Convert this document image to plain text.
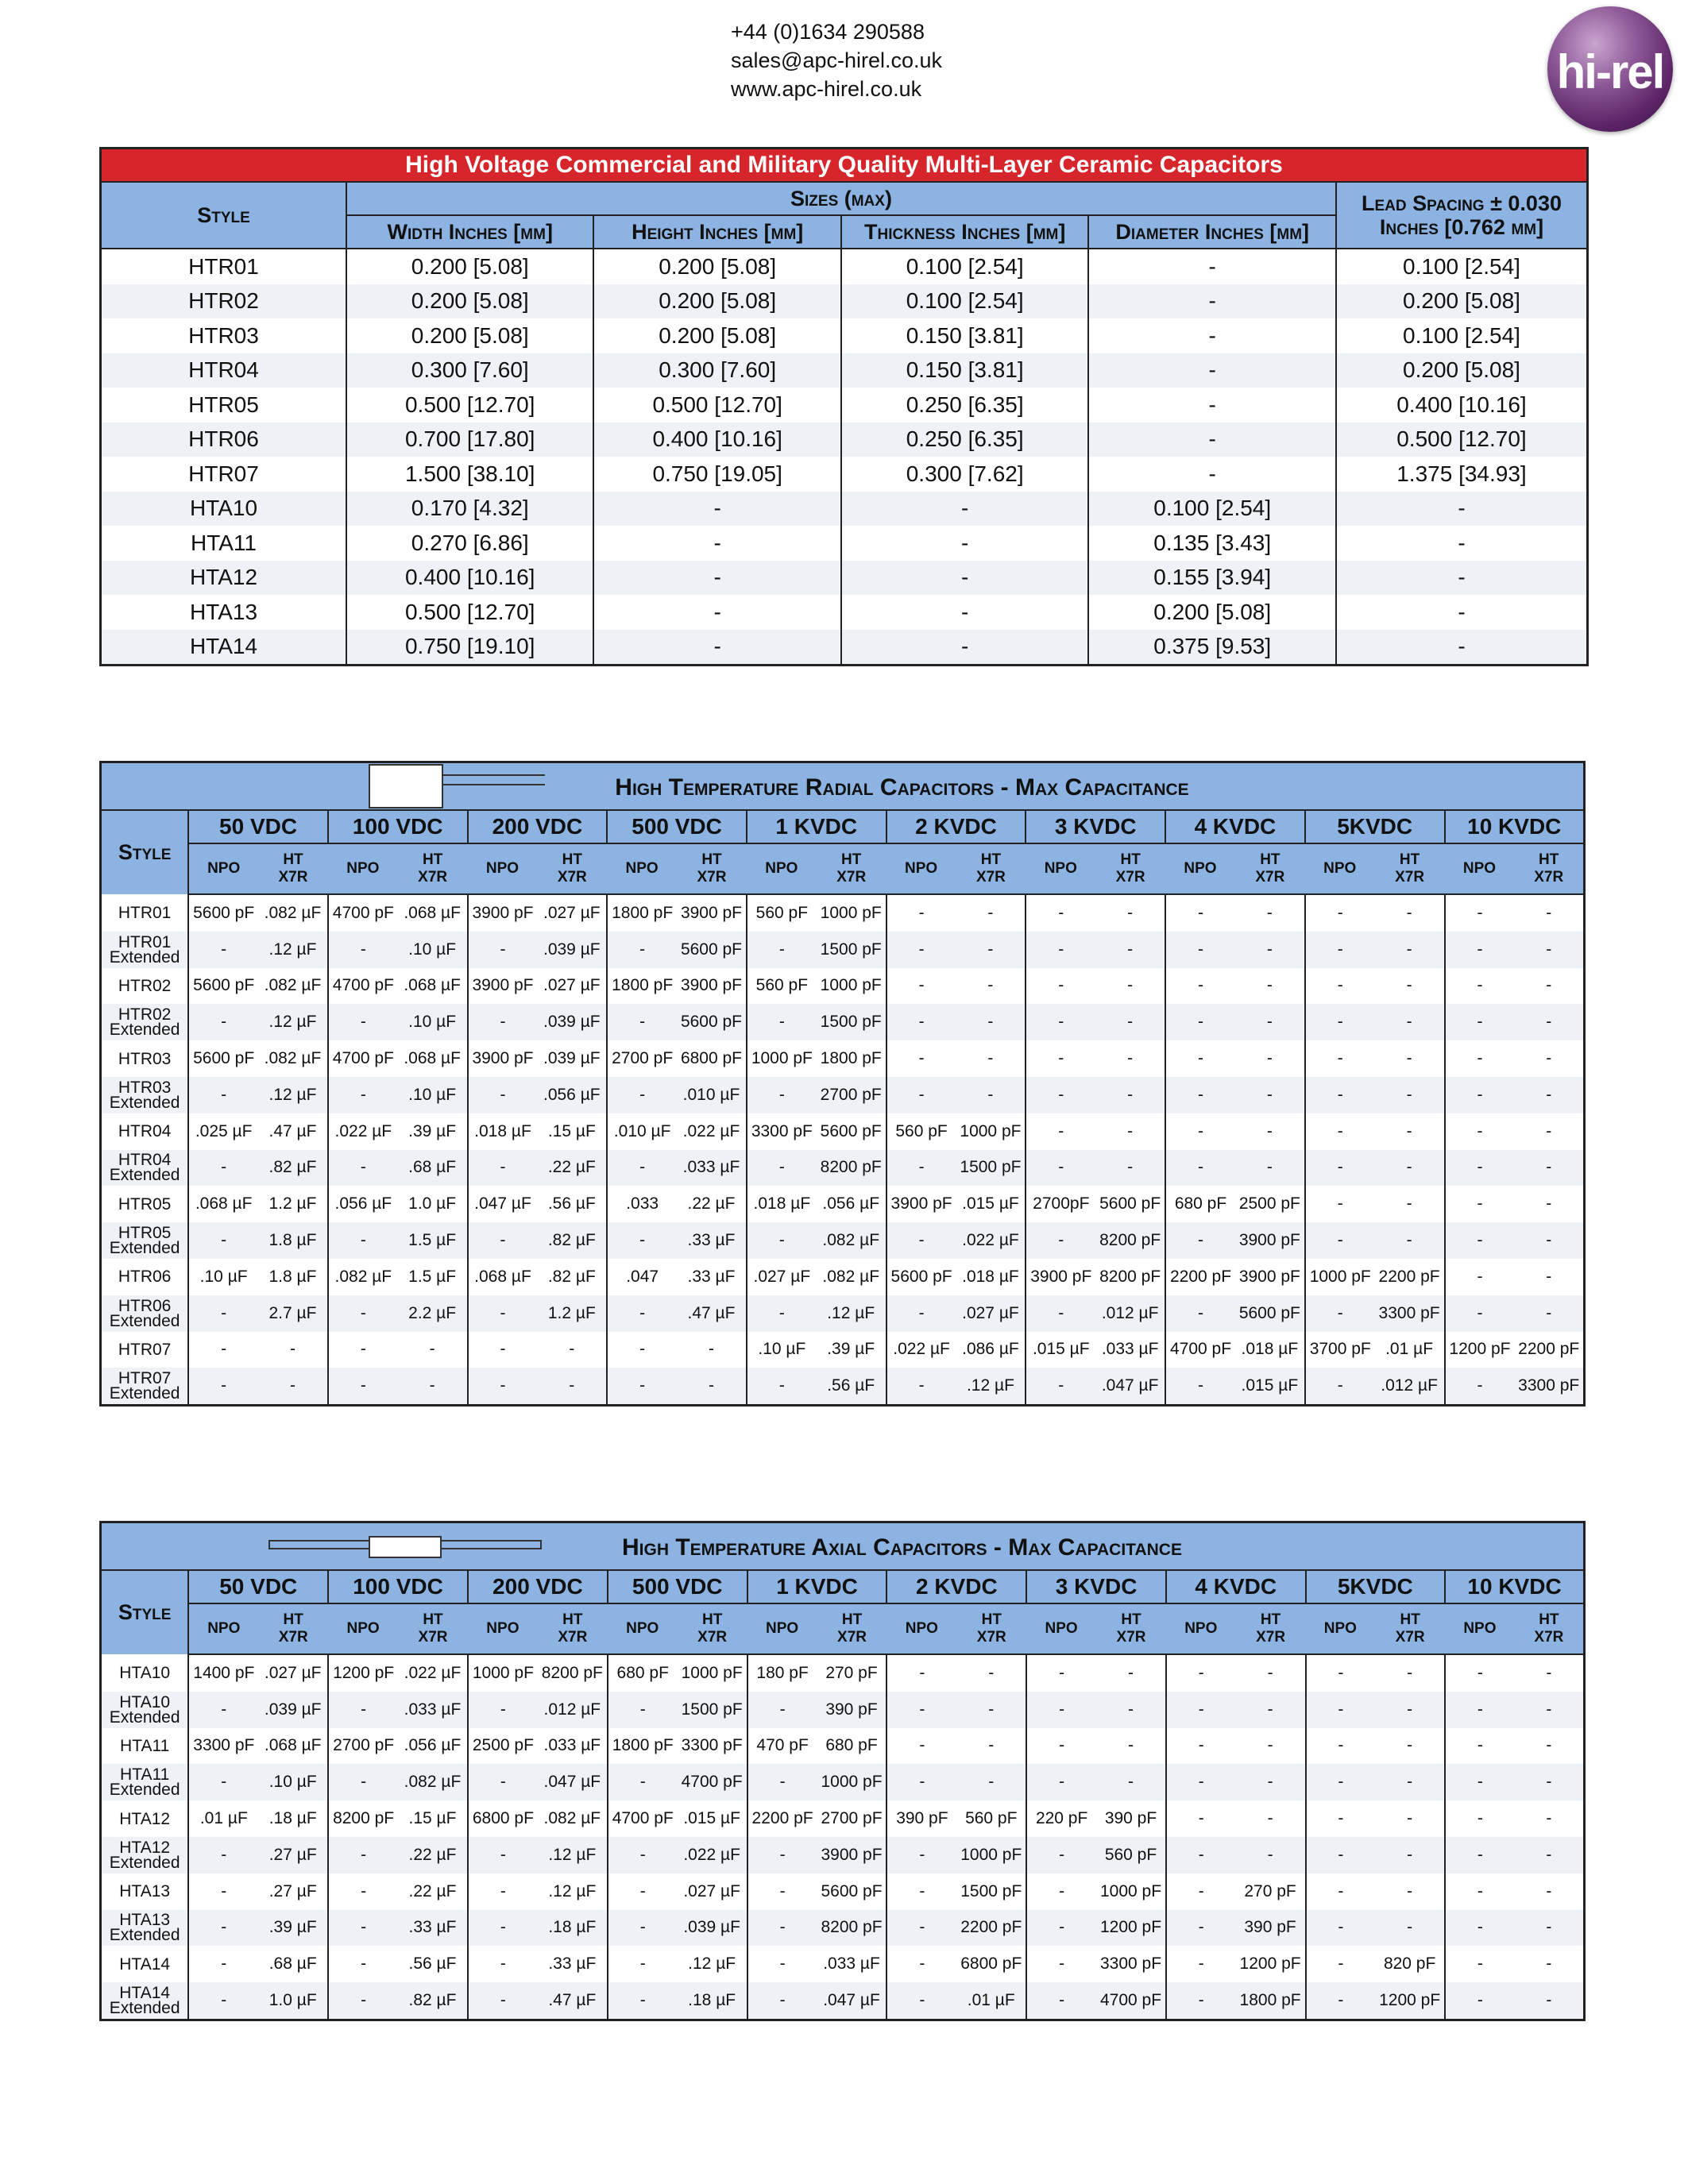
+44 (0)1634 290588
sales@apc-hirel.co.uk
www.apc-hirel.co.uk	hi-rel
High Voltage Commercial and Military Quality Multi-Layer Ceramic Capacitors					
Style	Sizes (max)				Lead Spacing ± 0.030
Inches [0.762 mm]
	Width Inches [mm]	Height Inches [mm]	Thickness Inches [mm]	Diameter Inches [mm]	
HTR01	0.200 [5.08]	0.200 [5.08]	0.100 [2.54]	-	0.100 [2.54]
HTR02	0.200 [5.08]	0.200 [5.08]	0.100 [2.54]	-	0.200 [5.08]
HTR03	0.200 [5.08]	0.200 [5.08]	0.150 [3.81]	-	0.100 [2.54]
HTR04	0.300 [7.60]	0.300 [7.60]	0.150 [3.81]	-	0.200 [5.08]
HTR05	0.500 [12.70]	0.500 [12.70]	0.250 [6.35]	-	0.400 [10.16]
HTR06	0.700 [17.80]	0.400 [10.16]	0.250 [6.35]	-	0.500 [12.70]
HTR07	1.500 [38.10]	0.750 [19.05]	0.300 [7.62]	-	1.375 [34.93]
HTA10	0.170 [4.32]	-	-	0.100 [2.54]	-
HTA11	0.270 [6.86]	-	-	0.135 [3.43]	-
HTA12	0.400 [10.16]	-	-	0.155 [3.94]	-
HTA13	0.500 [12.70]	-	-	0.200 [5.08]	-
HTA14	0.750 [19.10]	-	-	0.375 [9.53]	-
High Temperature Radial Capacitors - Max Capacitance																				

Style	50 VDC		100 VDC		200 VDC		500 VDC		1 KVDC		2 KVDC		3 KVDC		4 KVDC		5KVDC		10 KVDC	
	NPO	HT
X7R	NPO	HT
X7R	NPO	HT
X7R	NPO	HT
X7R	NPO	HT
X7R	NPO	HT
X7R	NPO	HT
X7R	NPO	HT
X7R	NPO	HT
X7R	NPO	HT
X7R
HTR01	5600 pF	.082 µF	4700 pF	.068 µF	3900 pF	.027 µF	1800 pF	3900 pF	560 pF	1000 pF	-	-	-	-	-	-	-	-	-	-
HTR01
Extended	-	.12 µF	-	.10 µF	-	.039 µF	-	5600 pF	-	1500 pF	-	-	-	-	-	-	-	-	-	-
HTR02	5600 pF	.082 µF	4700 pF	.068 µF	3900 pF	.027 µF	1800 pF	3900 pF	560 pF	1000 pF	-	-	-	-	-	-	-	-	-	-
HTR02
Extended	-	.12 µF	-	.10 µF	-	.039 µF	-	5600 pF	-	1500 pF	-	-	-	-	-	-	-	-	-	-
HTR03	5600 pF	.082 µF	4700 pF	.068 µF	3900 pF	.039 µF	2700 pF	6800 pF	1000 pF	1800 pF	-	-	-	-	-	-	-	-	-	-
HTR03
Extended	-	.12 µF	-	.10 µF	-	.056 µF	-	.010 µF	-	2700 pF	-	-	-	-	-	-	-	-	-	-
HTR04	.025 µF	.47 µF	.022 µF	.39 µF	.018 µF	.15 µF	.010 µF	.022 µF	3300 pF	5600 pF	560 pF	1000 pF	-	-	-	-	-	-	-	-
HTR04
Extended	-	.82 µF	-	.68 µF	-	.22 µF	-	.033 µF	-	8200 pF	-	1500 pF	-	-	-	-	-	-	-	-
HTR05	.068 µF	1.2 µF	.056 µF	1.0 µF	.047 µF	.56 µF	.033	.22 µF	.018 µF	.056 µF	3900 pF	.015 µF	2700pF	5600 pF	680 pF	2500 pF	-	-	-	-
HTR05
Extended	-	1.8 µF	-	1.5 µF	-	.82 µF	-	.33 µF	-	.082 µF	-	.022 µF	-	8200 pF	-	3900 pF	-	-	-	-
HTR06	.10 µF	1.8 µF	.082 µF	1.5 µF	.068 µF	.82 µF	.047	.33 µF	.027 µF	.082 µF	5600 pF	.018 µF	3900 pF	8200 pF	2200 pF	3900 pF	1000 pF	2200 pF	-	-
HTR06
Extended	-	2.7 µF	-	2.2 µF	-	1.2 µF	-	.47 µF	-	.12 µF	-	.027 µF	-	.012 µF	-	5600 pF	-	3300 pF	-	-
HTR07	-	-	-	-	-	-	-	-	.10 µF	.39 µF	.022 µF	.086 µF	.015 µF	.033 µF	4700 pF	.018 µF	3700 pF	.01 µF	1200 pF	2200 pF
HTR07
Extended	-	-	-	-	-	-	-	-	-	.56 µF	-	.12 µF	-	.047 µF	-	.015 µF	-	.012 µF	-	3300 pF
High Temperature Axial Capacitors - Max Capacitance																				

Style	50 VDC		100 VDC		200 VDC		500 VDC		1 KVDC		2 KVDC		3 KVDC		4 KVDC		5KVDC		10 KVDC	
	NPO	HT
X7R	NPO	HT
X7R	NPO	HT
X7R	NPO	HT
X7R	NPO	HT
X7R	NPO	HT
X7R	NPO	HT
X7R	NPO	HT
X7R	NPO	HT
X7R	NPO	HT
X7R
HTA10	1400 pF	.027 µF	1200 pF	.022 µF	1000 pF	8200 pF	680 pF	1000 pF	180 pF	270 pF	-	-	-	-	-	-	-	-	-	-
HTA10
Extended	-	.039 µF	-	.033 µF	-	.012 µF	-	1500 pF	-	390 pF	-	-	-	-	-	-	-	-	-	-
HTA11	3300 pF	.068 µF	2700 pF	.056 µF	2500 pF	.033 µF	1800 pF	3300 pF	470 pF	680 pF	-	-	-	-	-	-	-	-	-	-
HTA11
Extended	-	.10 µF	-	.082 µF	-	.047 µF	-	4700 pF	-	1000 pF	-	-	-	-	-	-	-	-	-	-
HTA12	.01 µF	.18 µF	8200 pF	.15 µF	6800 pF	.082 µF	4700 pF	.015 µF	2200 pF	2700 pF	390 pF	560 pF	220 pF	390 pF	-	-	-	-	-	-
HTA12
Extended	-	.27 µF	-	.22 µF	-	.12 µF	-	.022 µF	-	3900 pF	-	1000 pF	-	560 pF	-	-	-	-	-	-
HTA13	-	.27 µF	-	.22 µF	-	.12 µF	-	.027 µF	-	5600 pF	-	1500 pF	-	1000 pF	-	270 pF	-	-	-	-
HTA13
Extended	-	.39 µF	-	.33 µF	-	.18 µF	-	.039 µF	-	8200 pF	-	2200 pF	-	1200 pF	-	390 pF	-	-	-	-
HTA14	-	.68 µF	-	.56 µF	-	.33 µF	-	.12 µF	-	.033 µF	-	6800 pF	-	3300 pF	-	1200 pF	-	820 pF	-	-
HTA14
Extended	-	1.0 µF	-	.82 µF	-	.47 µF	-	.18 µF	-	.047 µF	-	.01 µF	-	4700 pF	-	1800 pF	-	1200 pF	-	-
